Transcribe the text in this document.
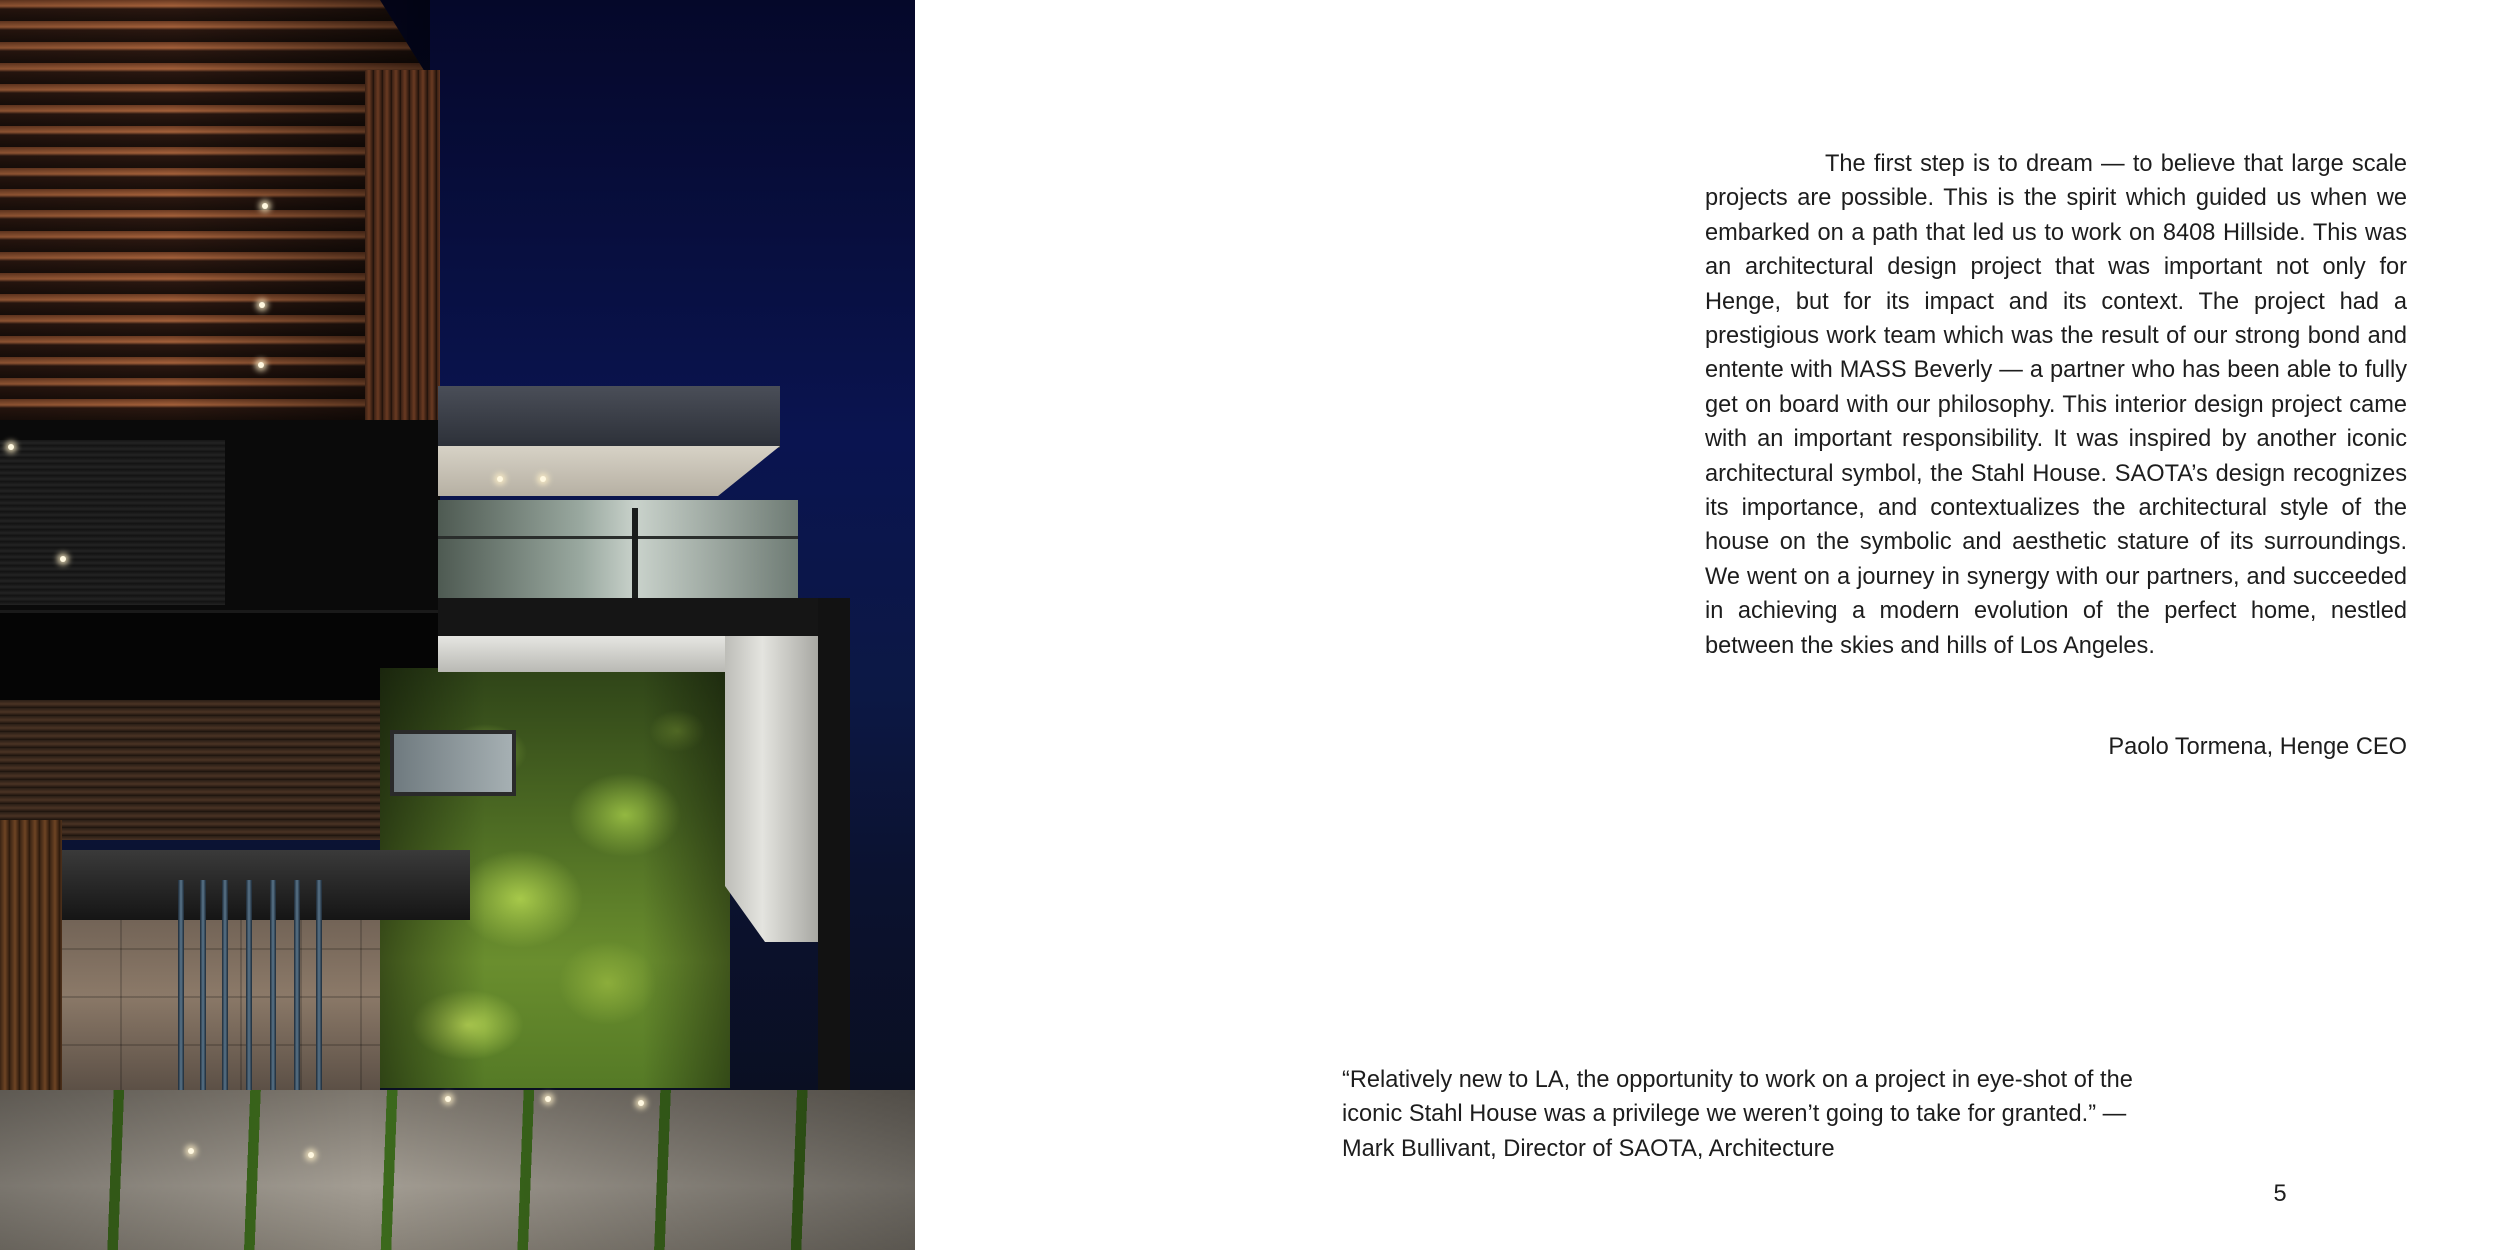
The first step is to dream — to believe that large scale projects are possible. This is the spirit which guided us when we embarked on a path that led us to work on 8408 Hillside. This was an architectural design project that was important not only for Henge, but for its impact and its context. The project had a prestigious work team which was the result of our strong bond and entente with MASS Beverly — a partner who has been able to fully get on board with our philosophy. This interior design project came with an important responsibility. It was inspired by another iconic architectural symbol, the Stahl House. SAOTA’s design recognizes its importance, and contextualizes the architectural style of the house on the symbolic and aesthetic stature of its surroundings. We went on a journey in synergy with our partners, and succeeded in achieving a modern evolution of the perfect home, nestled between the skies and hills of Los Angeles.

Paolo Tormena, Henge CEO

“Relatively new to LA, the opportunity to work on a project in eye-shot of the iconic Stahl House was a privilege we weren’t going to take for granted.” — Mark Bullivant, Director of SAOTA, Architecture

5
